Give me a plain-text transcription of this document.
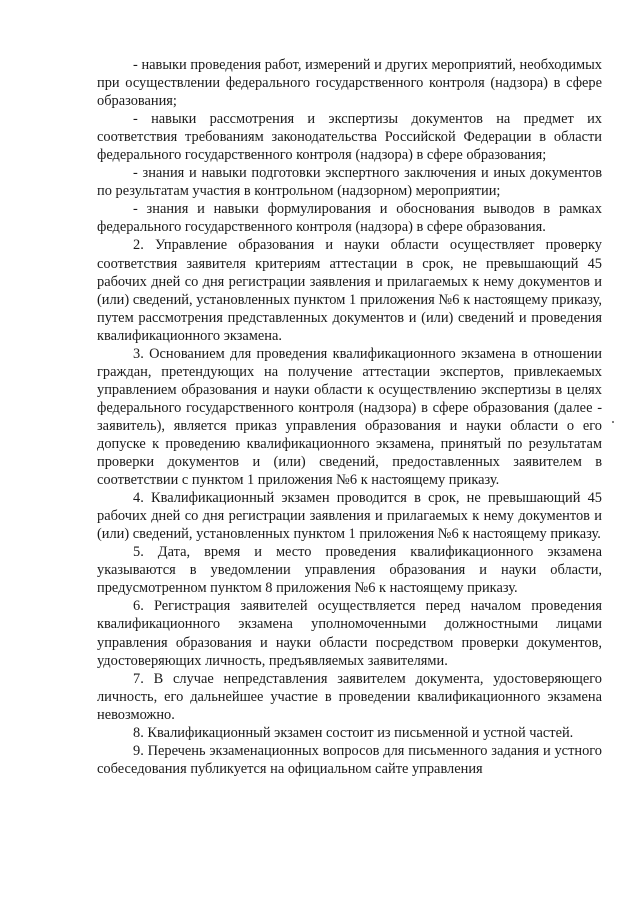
- навыки проведения работ, измерений и других мероприятий, необходимых при осуществлении федерального государственного контроля (надзора) в сфере образования;

- навыки рассмотрения и экспертизы документов на предмет их соответствия требованиям законодательства Российской Федерации в области федерального государственного контроля (надзора) в сфере образования;

- знания и навыки подготовки экспертного заключения и иных документов по результатам участия в контрольном (надзорном) мероприятии;

- знания и навыки формулирования и обоснования выводов в рамках федерального государственного контроля (надзора) в сфере образования.

2. Управление образования и науки области осуществляет проверку соответствия заявителя критериям аттестации в срок, не превышающий 45 рабочих дней со дня регистрации заявления и прилагаемых к нему документов и (или) сведений, установленных пунктом 1 приложения №6 к настоящему приказу, путем рассмотрения представленных документов и (или) сведений и проведения квалификационного экзамена.

3. Основанием для проведения квалификационного экзамена в отношении граждан, претендующих на получение аттестации экспертов, привлекаемых управлением образования и науки области к осуществлению экспертизы в целях федерального государственного контроля (надзора) в сфере образования (далее - заявитель), является приказ управления образования и науки области о его допуске к проведению квалификационного экзамена, принятый по результатам проверки документов и (или) сведений, предоставленных заявителем в соответствии с пунктом 1 приложения №6 к настоящему приказу.

4. Квалификационный экзамен проводится в срок, не превышающий 45 рабочих дней со дня регистрации заявления и прилагаемых к нему документов и (или) сведений, установленных пунктом 1 приложения №6 к настоящему приказу.

5. Дата, время и место проведения квалификационного экзамена указываются в уведомлении управления образования и науки области, предусмотренном пунктом 8 приложения №6 к настоящему приказу.

6. Регистрация заявителей осуществляется перед началом проведения квалификационного экзамена уполномоченными должностными лицами управления образования и науки области посредством проверки документов, удостоверяющих личность, предъявляемых заявителями.

7. В случае непредставления заявителем документа, удостоверяющего личность, его дальнейшее участие в проведении квалификационного экзамена невозможно.

8. Квалификационный экзамен состоит из письменной и устной частей.

9. Перечень экзаменационных вопросов для письменного задания и устного собеседования публикуется на официальном сайте управления
